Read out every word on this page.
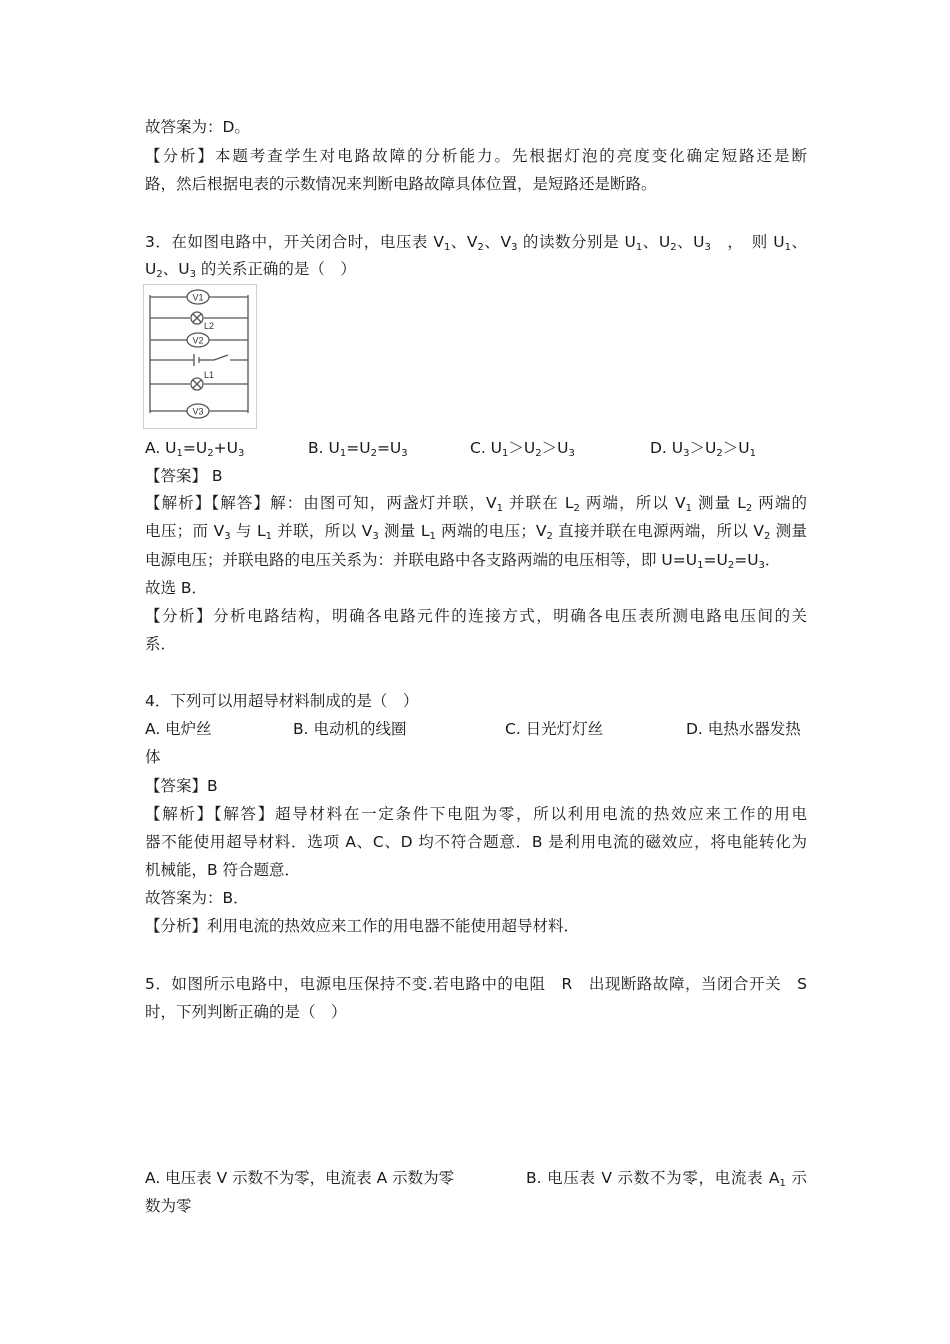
故答案为：D。
【分析】本题考查学生对电路故障的分析能力。先根据灯泡的亮度变化确定短路还是断
路，然后根据电表的示数情况来判断电路故障具体位置，是短路还是断路。
3．在如图电路中，开关闭合时，电压表 $V_1$、$V_2$、$V_3$ 的读数分别是 $U_1$、$U_2$、$U_3$　，　则 $U_1$、
$U_2$、$U_3$ 的关系正确的是（　）
V1
L2
V2
L1
V3
A. $U_1=U_2+U_3$	B. $U_1=U_2=U_3$	C. $U_1>U_2>U_3$	D. $U_3>U_2>U_1$
【答案】 B
【解析】【解答】解：由图可知，两盏灯并联，$V_1$ 并联在 $L_2$ 两端，所以 $V_1$ 测量 $L_2$ 两端的
电压；而 $V_3$ 与 $L_1$ 并联，所以 $V_3$ 测量 $L_1$ 两端的电压；$V_2$ 直接并联在电源两端，所以 $V_2$ 测量
电源电压；并联电路的电压关系为：并联电路中各支路两端的电压相等，即 $U=U_1=U_2=U_3$．
故选 B．
【分析】分析电路结构，明确各电路元件的连接方式，明确各电压表所测电路电压间的关
系．
4．下列可以用超导材料制成的是（　）
A. 电炉丝	B. 电动机的线圈	C. 日光灯灯丝	D. 电热水器发热
体
【答案】B
【解析】【解答】超导材料在一定条件下电阻为零，所以利用电流的热效应来工作的用电
器不能使用超导材料．选项 A、C、D 均不符合题意．B 是利用电流的磁效应，将电能转化为
机械能，B 符合题意．
故答案为：B．
【分析】利用电流的热效应来工作的用电器不能使用超导材料．
5．如图所示电路中，电源电压保持不变.若电路中的电阻　R　出现断路故障，当闭合开关　S
时，下列判断正确的是（　）
A. 电压表 V 示数不为零，电流表 A 示数为零	B. 电压表 V 示数不为零，电流表 $A_1$ 示
数为零
